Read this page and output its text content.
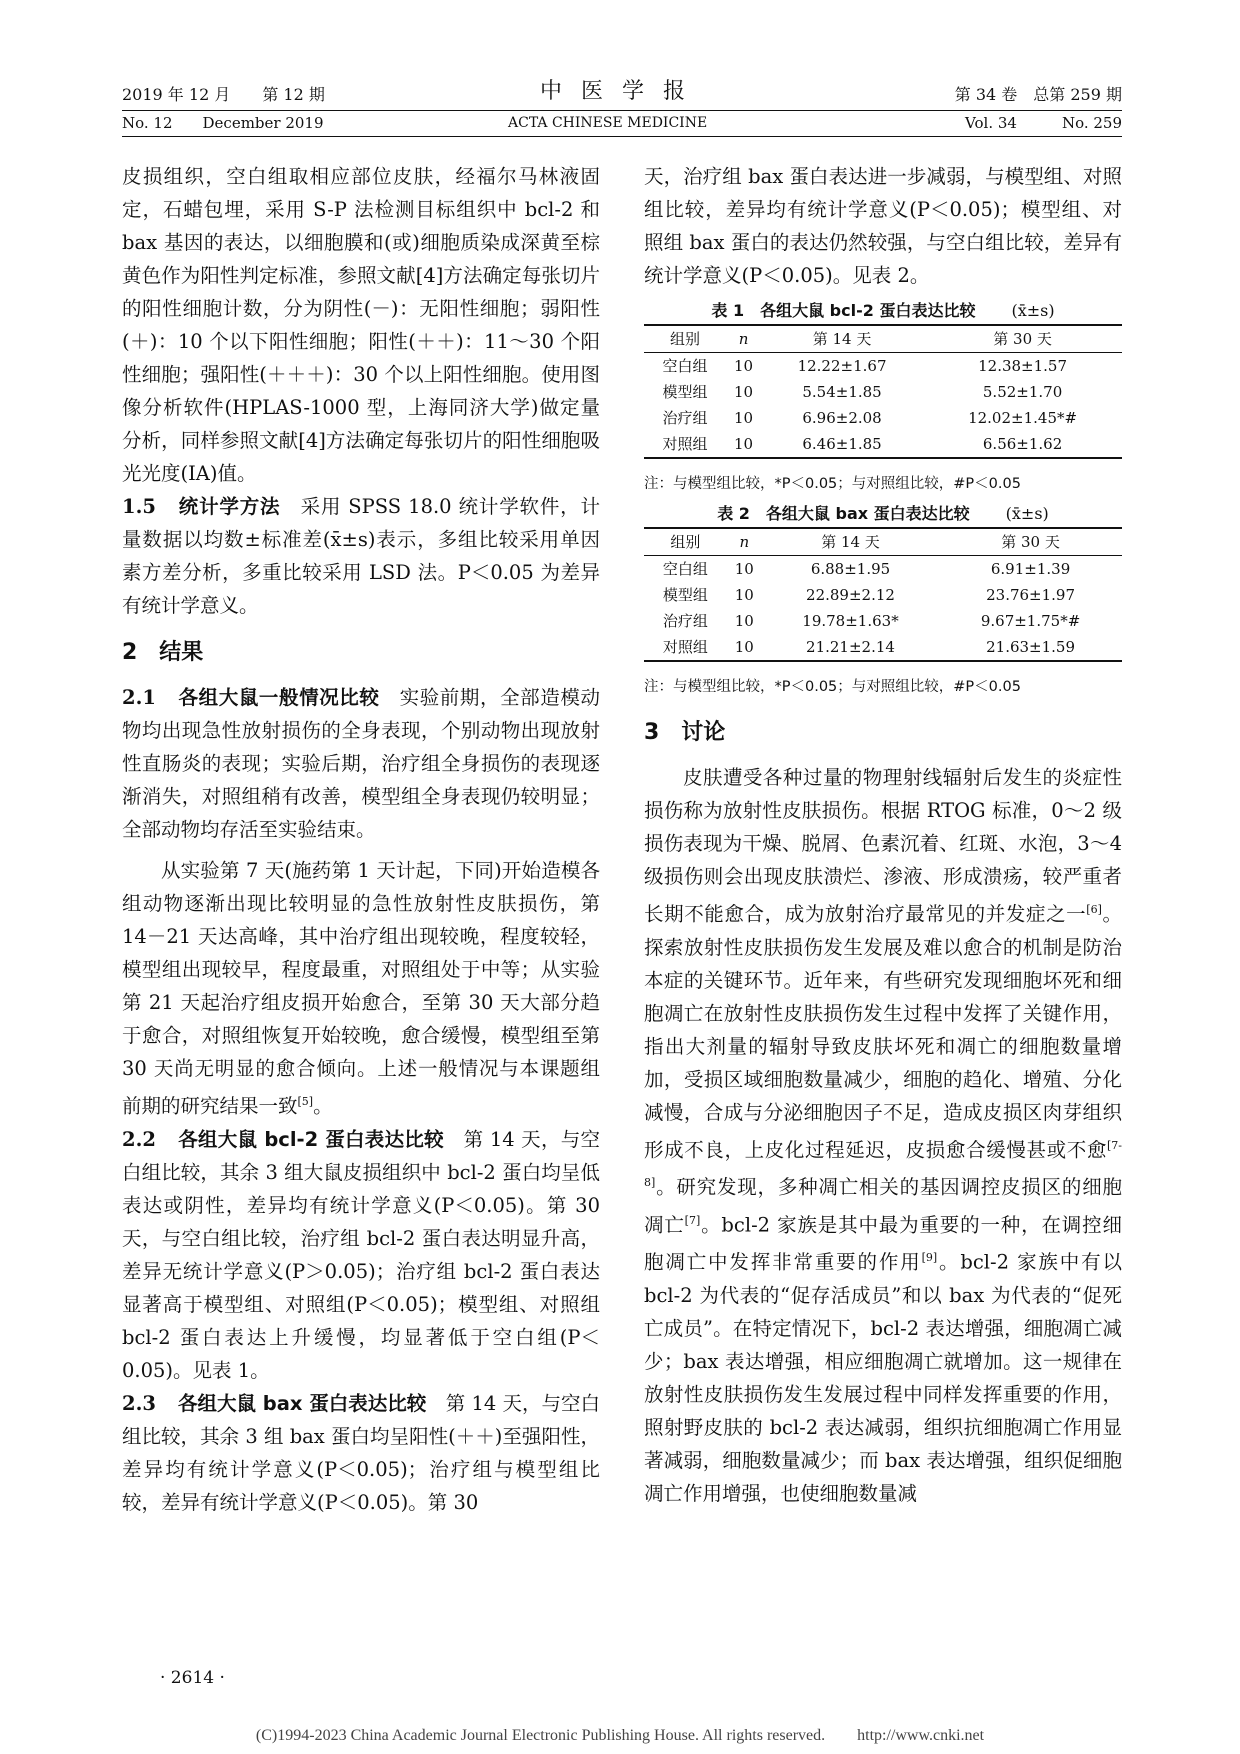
2019 年 12 月　　第 12 期	中 医 学 报	第 34 卷　总第 259 期
No. 12　　December 2019	ACTA CHINESE MEDICINE	Vol. 34　　　No. 259

皮损组织，空白组取相应部位皮肤，经福尔马林液固定，石蜡包埋，采用 S-P 法检测目标组织中 bcl-2 和 bax 基因的表达，以细胞膜和(或)细胞质染成深黄至棕黄色作为阳性判定标准，参照文献[4]方法确定每张切片的阳性细胞计数，分为阴性(－)：无阳性细胞；弱阳性(＋)：10 个以下阳性细胞；阳性(＋＋)：11～30 个阳性细胞；强阳性(＋＋＋)：30 个以上阳性细胞。使用图像分析软件(HPLAS-1000 型，上海同济大学)做定量分析，同样参照文献[4]方法确定每张切片的阳性细胞吸光光度(IA)值。

1.5 统计学方法　 采用 SPSS 18.0 统计学软件，计量数据以均数±标准差(x̄±s)表示，多组比较采用单因素方差分析，多重比较采用 LSD 法。P＜0.05 为差异有统计学意义。

2　结果

2.1 各组大鼠一般情况比较　 实验前期，全部造模动物均出现急性放射损伤的全身表现，个别动物出现放射性直肠炎的表现；实验后期，治疗组全身损伤的表现逐渐消失，对照组稍有改善，模型组全身表现仍较明显；全部动物均存活至实验结束。

从实验第 7 天(施药第 1 天计起，下同)开始造模各组动物逐渐出现比较明显的急性放射性皮肤损伤，第 14－21 天达高峰，其中治疗组出现较晚，程度较轻，模型组出现较早，程度最重，对照组处于中等；从实验第 21 天起治疗组皮损开始愈合，至第 30 天大部分趋于愈合，对照组恢复开始较晚，愈合缓慢，模型组至第 30 天尚无明显的愈合倾向。上述一般情况与本课题组前期的研究结果一致[5]。

2.2 各组大鼠 bcl-2 蛋白表达比较　 第 14 天，与空白组比较，其余 3 组大鼠皮损组织中 bcl-2 蛋白均呈低表达或阴性，差异均有统计学意义(P＜0.05)。第 30 天，与空白组比较，治疗组 bcl-2 蛋白表达明显升高，差异无统计学意义(P＞0.05)；治疗组 bcl-2 蛋白表达显著高于模型组、对照组(P＜0.05)；模型组、对照组 bcl-2 蛋白表达上升缓慢，均显著低于空白组(P＜0.05)。见表 1。

2.3 各组大鼠 bax 蛋白表达比较　 第 14 天，与空白组比较，其余 3 组 bax 蛋白均呈阳性(＋＋)至强阳性，差异均有统计学意义(P＜0.05)；治疗组与模型组比较，差异有统计学意义(P＜0.05)。第 30

天，治疗组 bax 蛋白表达进一步减弱，与模型组、对照组比较，差异均有统计学意义(P＜0.05)；模型组、对照组 bax 蛋白的表达仍然较强，与空白组比较，差异有统计学意义(P＜0.05)。见表 2。

表 1　各组大鼠 bcl-2 蛋白表达比较 (x̄±s)
组别	n	第 14 天	第 30 天
空白组	10	12.22±1.67	12.38±1.57
模型组	10	5.54±1.85	5.52±1.70
治疗组	10	6.96±2.08	12.02±1.45*#
对照组	10	6.46±1.85	6.56±1.62
注：与模型组比较，*P＜0.05；与对照组比较，#P＜0.05
表 2　各组大鼠 bax 蛋白表达比较 (x̄±s)
组别	n	第 14 天	第 30 天
空白组	10	6.88±1.95	6.91±1.39
模型组	10	22.89±2.12	23.76±1.97
治疗组	10	19.78±1.63*	9.67±1.75*#
对照组	10	21.21±2.14	21.63±1.59
注：与模型组比较，*P＜0.05；与对照组比较，#P＜0.05
3　讨论

皮肤遭受各种过量的物理射线辐射后发生的炎症性损伤称为放射性皮肤损伤。根据 RTOG 标准，0～2 级损伤表现为干燥、脱屑、色素沉着、红斑、水泡，3～4 级损伤则会出现皮肤溃烂、渗液、形成溃疡，较严重者长期不能愈合，成为放射治疗最常见的并发症之一[6]。探索放射性皮肤损伤发生发展及难以愈合的机制是防治本症的关键环节。近年来，有些研究发现细胞坏死和细胞凋亡在放射性皮肤损伤发生过程中发挥了关键作用，指出大剂量的辐射导致皮肤坏死和凋亡的细胞数量增加，受损区域细胞数量减少，细胞的趋化、增殖、分化减慢，合成与分泌细胞因子不足，造成皮损区肉芽组织形成不良，上皮化过程延迟，皮损愈合缓慢甚或不愈[7-8]。研究发现，多种凋亡相关的基因调控皮损区的细胞凋亡[7]。bcl-2 家族是其中最为重要的一种，在调控细胞凋亡中发挥非常重要的作用[9]。bcl-2 家族中有以 bcl-2 为代表的“促存活成员”和以 bax 为代表的“促死亡成员”。在特定情况下，bcl-2 表达增强，细胞凋亡减少；bax 表达增强，相应细胞凋亡就增加。这一规律在放射性皮肤损伤发生发展过程中同样发挥重要的作用，照射野皮肤的 bcl-2 表达减弱，组织抗细胞凋亡作用显著减弱，细胞数量减少；而 bax 表达增强，组织促细胞凋亡作用增强，也使细胞数量减

· 2614 ·
(C)1994-2023 China Academic Journal Electronic Publishing House. All rights reserved.　　http://www.cnki.net
